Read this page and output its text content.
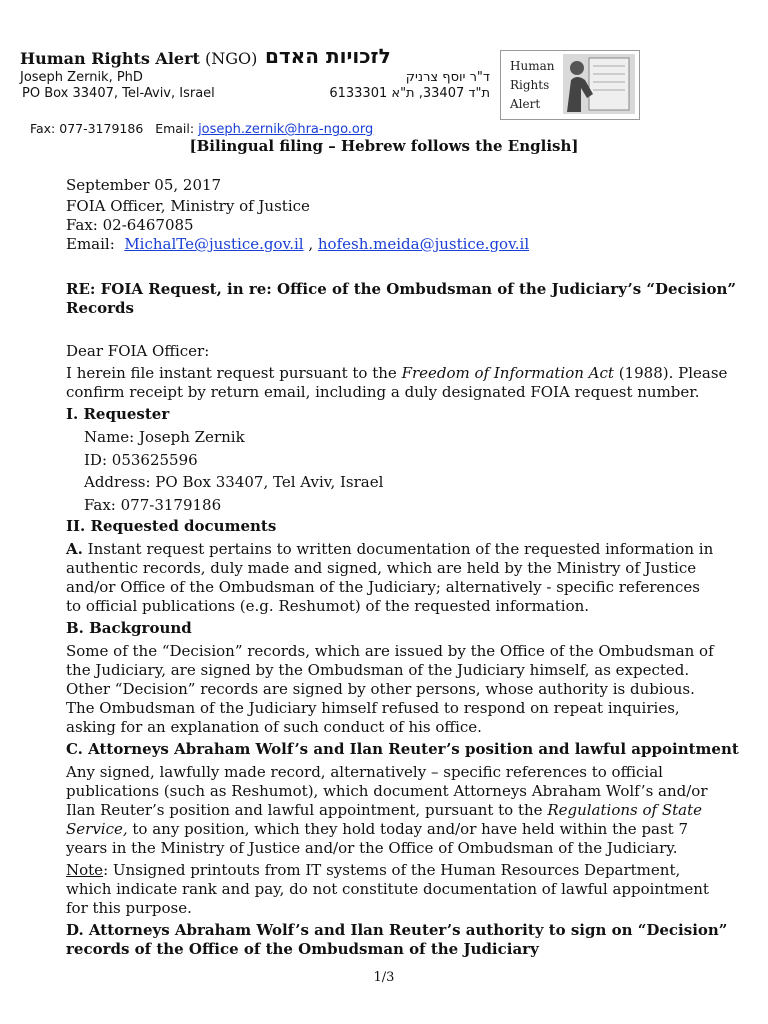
Human Rights Alert (NGO) לזכויות האדם
Joseph Zernik, PhD	ד"ר יוסף צרניק
PO Box 33407, Tel-Aviv, Israel	ת"ד 33407, ת"א 6133301

Fax: 077-3179186   Email: joseph.zernik@hra-ngo.org

Human
Rights
Alert
[Bilingual filing – Hebrew follows the English]
September 05, 2017
FOIA Officer, Ministry of Justice
Fax: 02-6467085
Email:  MichalTe@justice.gov.il , hofesh.meida@justice.gov.il
RE: FOIA Request, in re: Office of the Ombudsman of the Judiciary’s “Decision”
Records
Dear FOIA Officer:
I herein file instant request pursuant to the Freedom of Information Act (1988). Please
confirm receipt by return email, including a duly designated FOIA request number.
I. Requester
Name: Joseph Zernik
ID: 053625596
Address: PO Box 33407, Tel Aviv, Israel
Fax: 077-3179186
II. Requested documents
A. Instant request pertains to written documentation of the requested information in
authentic records, duly made and signed, which are held by the Ministry of Justice
and/or Office of the Ombudsman of the Judiciary; alternatively - specific references
to official publications (e.g. Reshumot) of the requested information.
B. Background
Some of the “Decision” records, which are issued by the Office of the Ombudsman of
the Judiciary, are signed by the Ombudsman of the Judiciary himself, as expected.
Other “Decision” records are signed by other persons, whose authority is dubious.
The Ombudsman of the Judiciary himself refused to respond on repeat inquiries,
asking for an explanation of such conduct of his office.
C. Attorneys Abraham Wolf’s and Ilan Reuter’s position and lawful appointment
Any signed, lawfully made record, alternatively – specific references to official
publications (such as Reshumot), which document Attorneys Abraham Wolf’s and/or
Ilan Reuter’s position and lawful appointment, pursuant to the Regulations of State
Service, to any position, which they hold today and/or have held within the past 7
years in the Ministry of Justice and/or the Office of Ombudsman of the Judiciary.
Note: Unsigned printouts from IT systems of the Human Resources Department,
which indicate rank and pay, do not constitute documentation of lawful appointment
for this purpose.
D. Attorneys Abraham Wolf’s and Ilan Reuter’s authority to sign on “Decision”
records of the Office of the Ombudsman of the Judiciary
1/3
